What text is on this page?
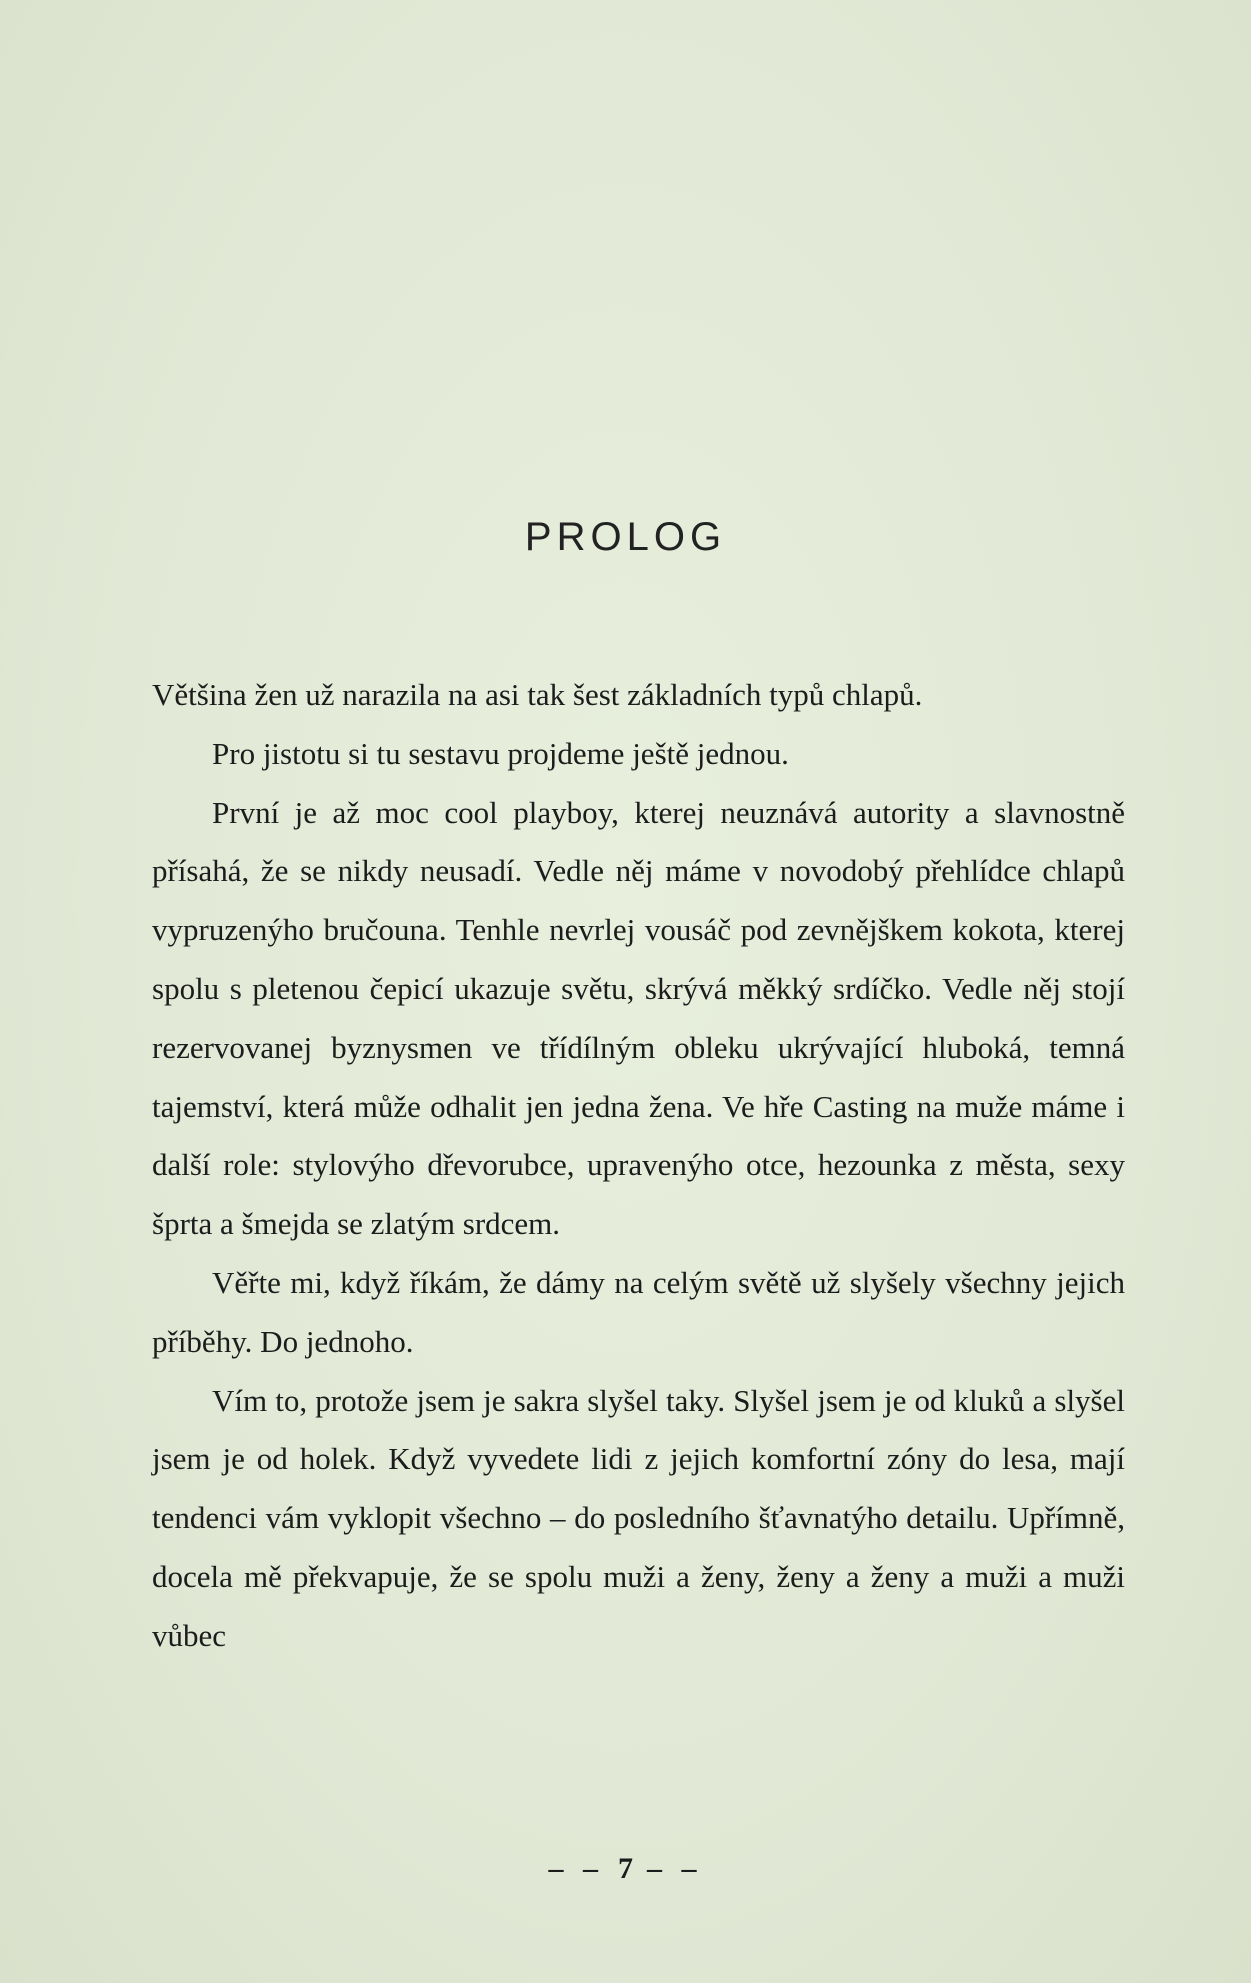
PROLOG

Většina žen už narazila na asi tak šest základních typů chlapů.

Pro jistotu si tu sestavu projdeme ještě jednou.

První je až moc cool playboy, kterej neuznává autority a slavnostně přísahá, že se nikdy neusadí. Vedle něj máme v novodobý přehlídce chlapů vypruzenýho bručouna. Tenhle nevrlej vousáč pod zevnějškem kokota, kterej spolu s pletenou čepicí ukazuje světu, skrývá měkký srdíčko. Vedle něj stojí rezervovanej byznysmen ve třídílným obleku ukrývající hluboká, temná tajemství, která může odhalit jen jedna žena. Ve hře Casting na muže máme i další role: stylovýho dřevorubce, upravenýho otce, hezounka z města, sexy šprta a šmejda se zlatým srdcem.

Věřte mi, když říkám, že dámy na celým světě už slyšely všechny jejich příběhy. Do jednoho.

Vím to, protože jsem je sakra slyšel taky. Slyšel jsem je od kluků a slyšel jsem je od holek. Když vyvedete lidi z jejich komfortní zóny do lesa, mají tendenci vám vyklopit všechno – do posledního šťavnatýho detailu. Upřímně, docela mě překvapuje, že se spolu muži a ženy, ženy a ženy a muži a muži vůbec

– – 7 – –
